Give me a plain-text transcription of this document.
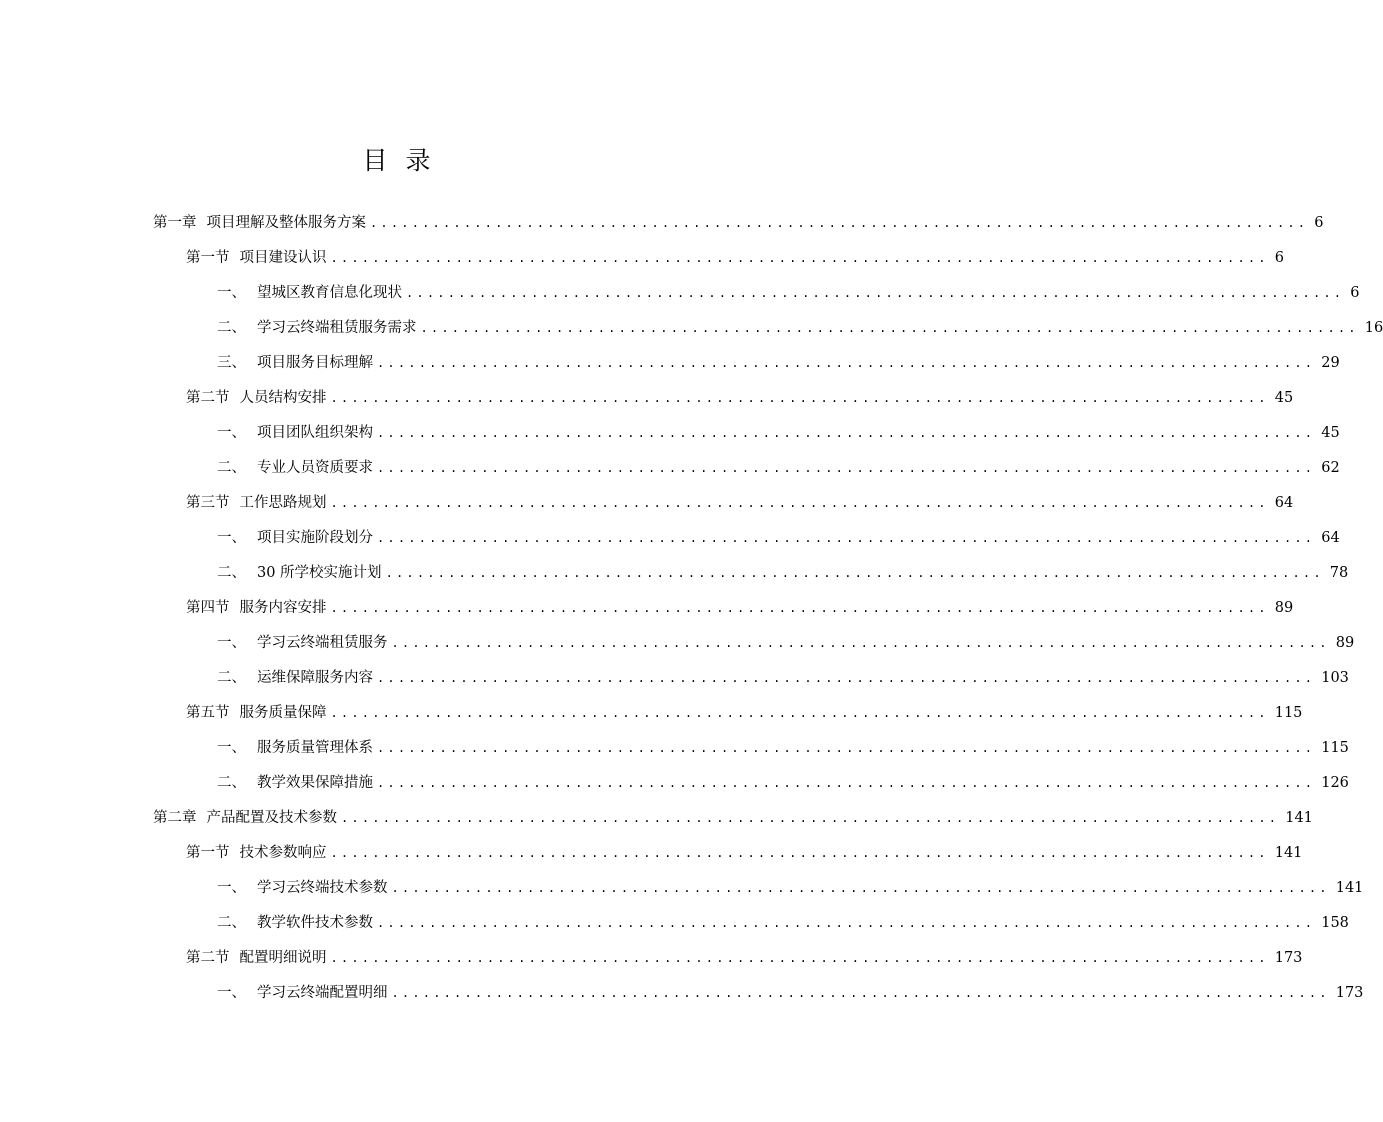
目录
第一章 项目理解及整体服务方案 .......................................................................................... 6
第一节 项目建设认识 .......................................................................................... 6
一、 望城区教育信息化现状 .......................................................................................... 6
二、 学习云终端租赁服务需求 .......................................................................................... 16
三、 项目服务目标理解 .......................................................................................... 29
第二节 人员结构安排 .......................................................................................... 45
一、 项目团队组织架构 .......................................................................................... 45
二、 专业人员资质要求 .......................................................................................... 62
第三节 工作思路规划 .......................................................................................... 64
一、 项目实施阶段划分 .......................................................................................... 64
二、 30 所学校实施计划 .......................................................................................... 78
第四节 服务内容安排 .......................................................................................... 89
一、 学习云终端租赁服务 .......................................................................................... 89
二、 运维保障服务内容 .......................................................................................... 103
第五节 服务质量保障 .......................................................................................... 115
一、 服务质量管理体系 .......................................................................................... 115
二、 教学效果保障措施 .......................................................................................... 126
第二章 产品配置及技术参数 .......................................................................................... 141
第一节 技术参数响应 .......................................................................................... 141
一、 学习云终端技术参数 .......................................................................................... 141
二、 教学软件技术参数 .......................................................................................... 158
第二节 配置明细说明 .......................................................................................... 173
一、 学习云终端配置明细 .......................................................................................... 173
